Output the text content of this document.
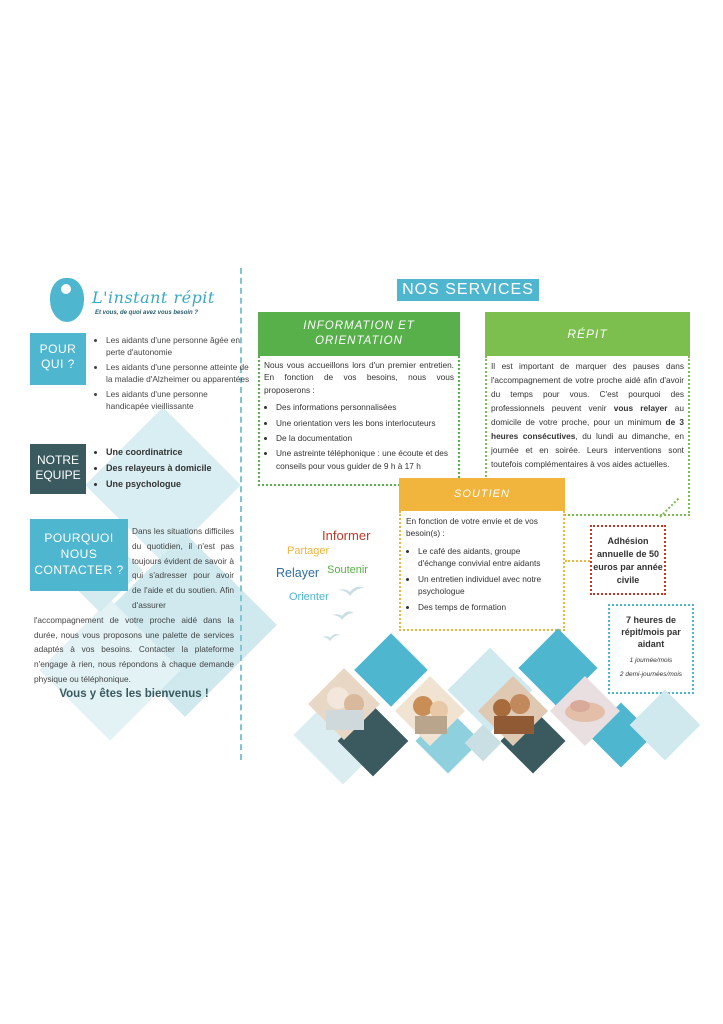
L'instant répit
Et vous, de quoi avez vous besoin ?
POUR
QUI ?
• Les aidants d'une personne âgée en perte d'autonomie
• Les aidants d'une personne atteinte de la maladie d'Alzheimer ou apparentées
• Les aidants d'une personne handicapée vieillissante
NOTRE
EQUIPE
• Une coordinatrice
• Des relayeurs à domicile
• Une psychologue

Dans les situations difficiles du quotidien, il n'est pas toujours évident de savoir à qui s'adresser pour avoir de l'aide et du soutien. Afin d'assurer l'accompagnement de votre proche aidé dans la durée, nous vous proposons une palette de services adaptés à vos besoins. Contacter la plateforme n'engage à rien, nous répondons à chaque demande physique ou téléphonique.

POURQUOI
NOUS
CONTACTER ?
Vous y êtes les bienvenus !
NOS SERVICES
INFORMATION ET
ORIENTATION

Nous vous accueillons lors d'un premier entretien. En fonction de vos besoins, nous vous proposerons :

• Des informations personnalisées
• Une orientation vers les bons interlocuteurs
• De la documentation
• Une astreinte téléphonique : une écoute et des conseils pour vous guider de 9 h à 17 h
RÉPIT
Il est important de marquer des pauses dans l'accompagnement de votre proche aidé afin d'avoir du temps pour vous. C'est pourquoi des professionnels peuvent venir vous relayer au domicile de votre proche, pour un minimum de 3 heures consécutives, du lundi au dimanche, en journée et en soirée. Leurs interventions sont toutefois complémentaires à vos aides actuelles.
SOUTIEN

En fonction de votre envie et de vos besoin(s) :

• Le café des aidants, groupe d'échange convivial entre aidants
• Un entretien individuel avec notre psychologue
• Des temps de formation
Adhésion annuelle de 50 euros par année civile
7 heures de répit/mois par aidant
1 journée/mois
2 demi-journées/mois
Informer
Partager
Relayer Soutenir
Orienter
